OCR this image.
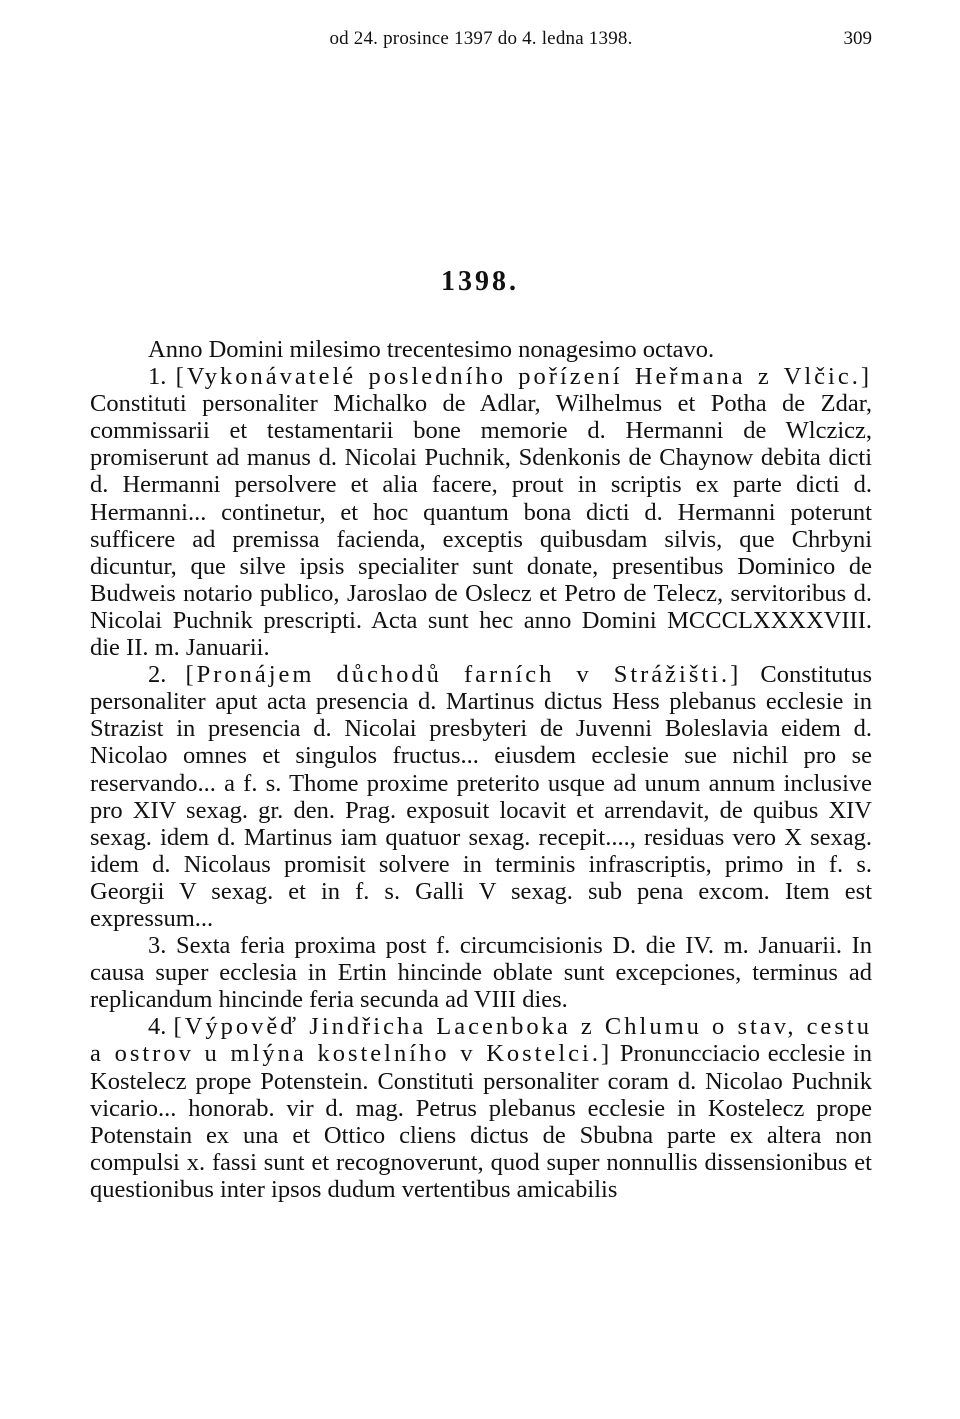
od 24. prosince 1397 do 4. ledna 1398.	309
1398.

Anno Domini milesimo trecentesimo nonagesimo octavo.

1. [Vykonávatelé posledního pořízení Heřmana z Vlčic.] Constituti personaliter Michalko de Adlar, Wilhelmus et Potha de Zdar, commissarii et testamentarii bone memorie d. Hermanni de Wlczicz, promiserunt ad manus d. Nicolai Puchnik, Sdenkonis de Chaynow debita dicti d. Hermanni persolvere et alia facere, prout in scriptis ex parte dicti d. Hermanni... continetur, et hoc quantum bona dicti d. Hermanni poterunt sufficere ad premissa facienda, exceptis quibusdam silvis, que Chrbyni dicuntur, que silve ipsis specialiter sunt donate, presentibus Dominico de Budweis notario publico, Jaroslao de Oslecz et Petro de Telecz, servitoribus d. Nicolai Puchnik prescripti. Acta sunt hec anno Domini MCCCLXXXXVIII. die II. m. Januarii.

2. [Pronájem důchodů farních v Strážišti.] Constitutus personaliter aput acta presencia d. Martinus dictus Hess plebanus ecclesie in Strazist in presencia d. Nicolai presbyteri de Juvenni Boleslavia eidem d. Nicolao omnes et singulos fructus... eiusdem ecclesie sue nichil pro se reservando... a f. s. Thome proxime preterito usque ad unum annum inclusive pro XIV sexag. gr. den. Prag. exposuit locavit et arrendavit, de quibus XIV sexag. idem d. Martinus iam quatuor sexag. recepit...., residuas vero X sexag. idem d. Nicolaus promisit solvere in terminis infrascriptis, primo in f. s. Georgii V sexag. et in f. s. Galli V sexag. sub pena excom. Item est expressum...

3. Sexta feria proxima post f. circumcisionis D. die IV. m. Januarii. In causa super ecclesia in Ertin hincinde oblate sunt excepciones, terminus ad replicandum hincinde feria secunda ad VIII dies.

4. [Výpověď Jindřicha Lacenboka z Chlumu o stav, cestu a ostrov u mlýna kostelního v Kostelci.] Pronuncciacio ecclesie in Kostelecz prope Potenstein. Constituti personaliter coram d. Nicolao Puchnik vicario... honorab. vir d. mag. Petrus plebanus ecclesie in Kostelecz prope Potenstain ex una et Ottico cliens dictus de Sbubna parte ex altera non compulsi x. fassi sunt et recognoverunt, quod super nonnullis dissensionibus et questionibus inter ipsos dudum vertentibus amicabilis
